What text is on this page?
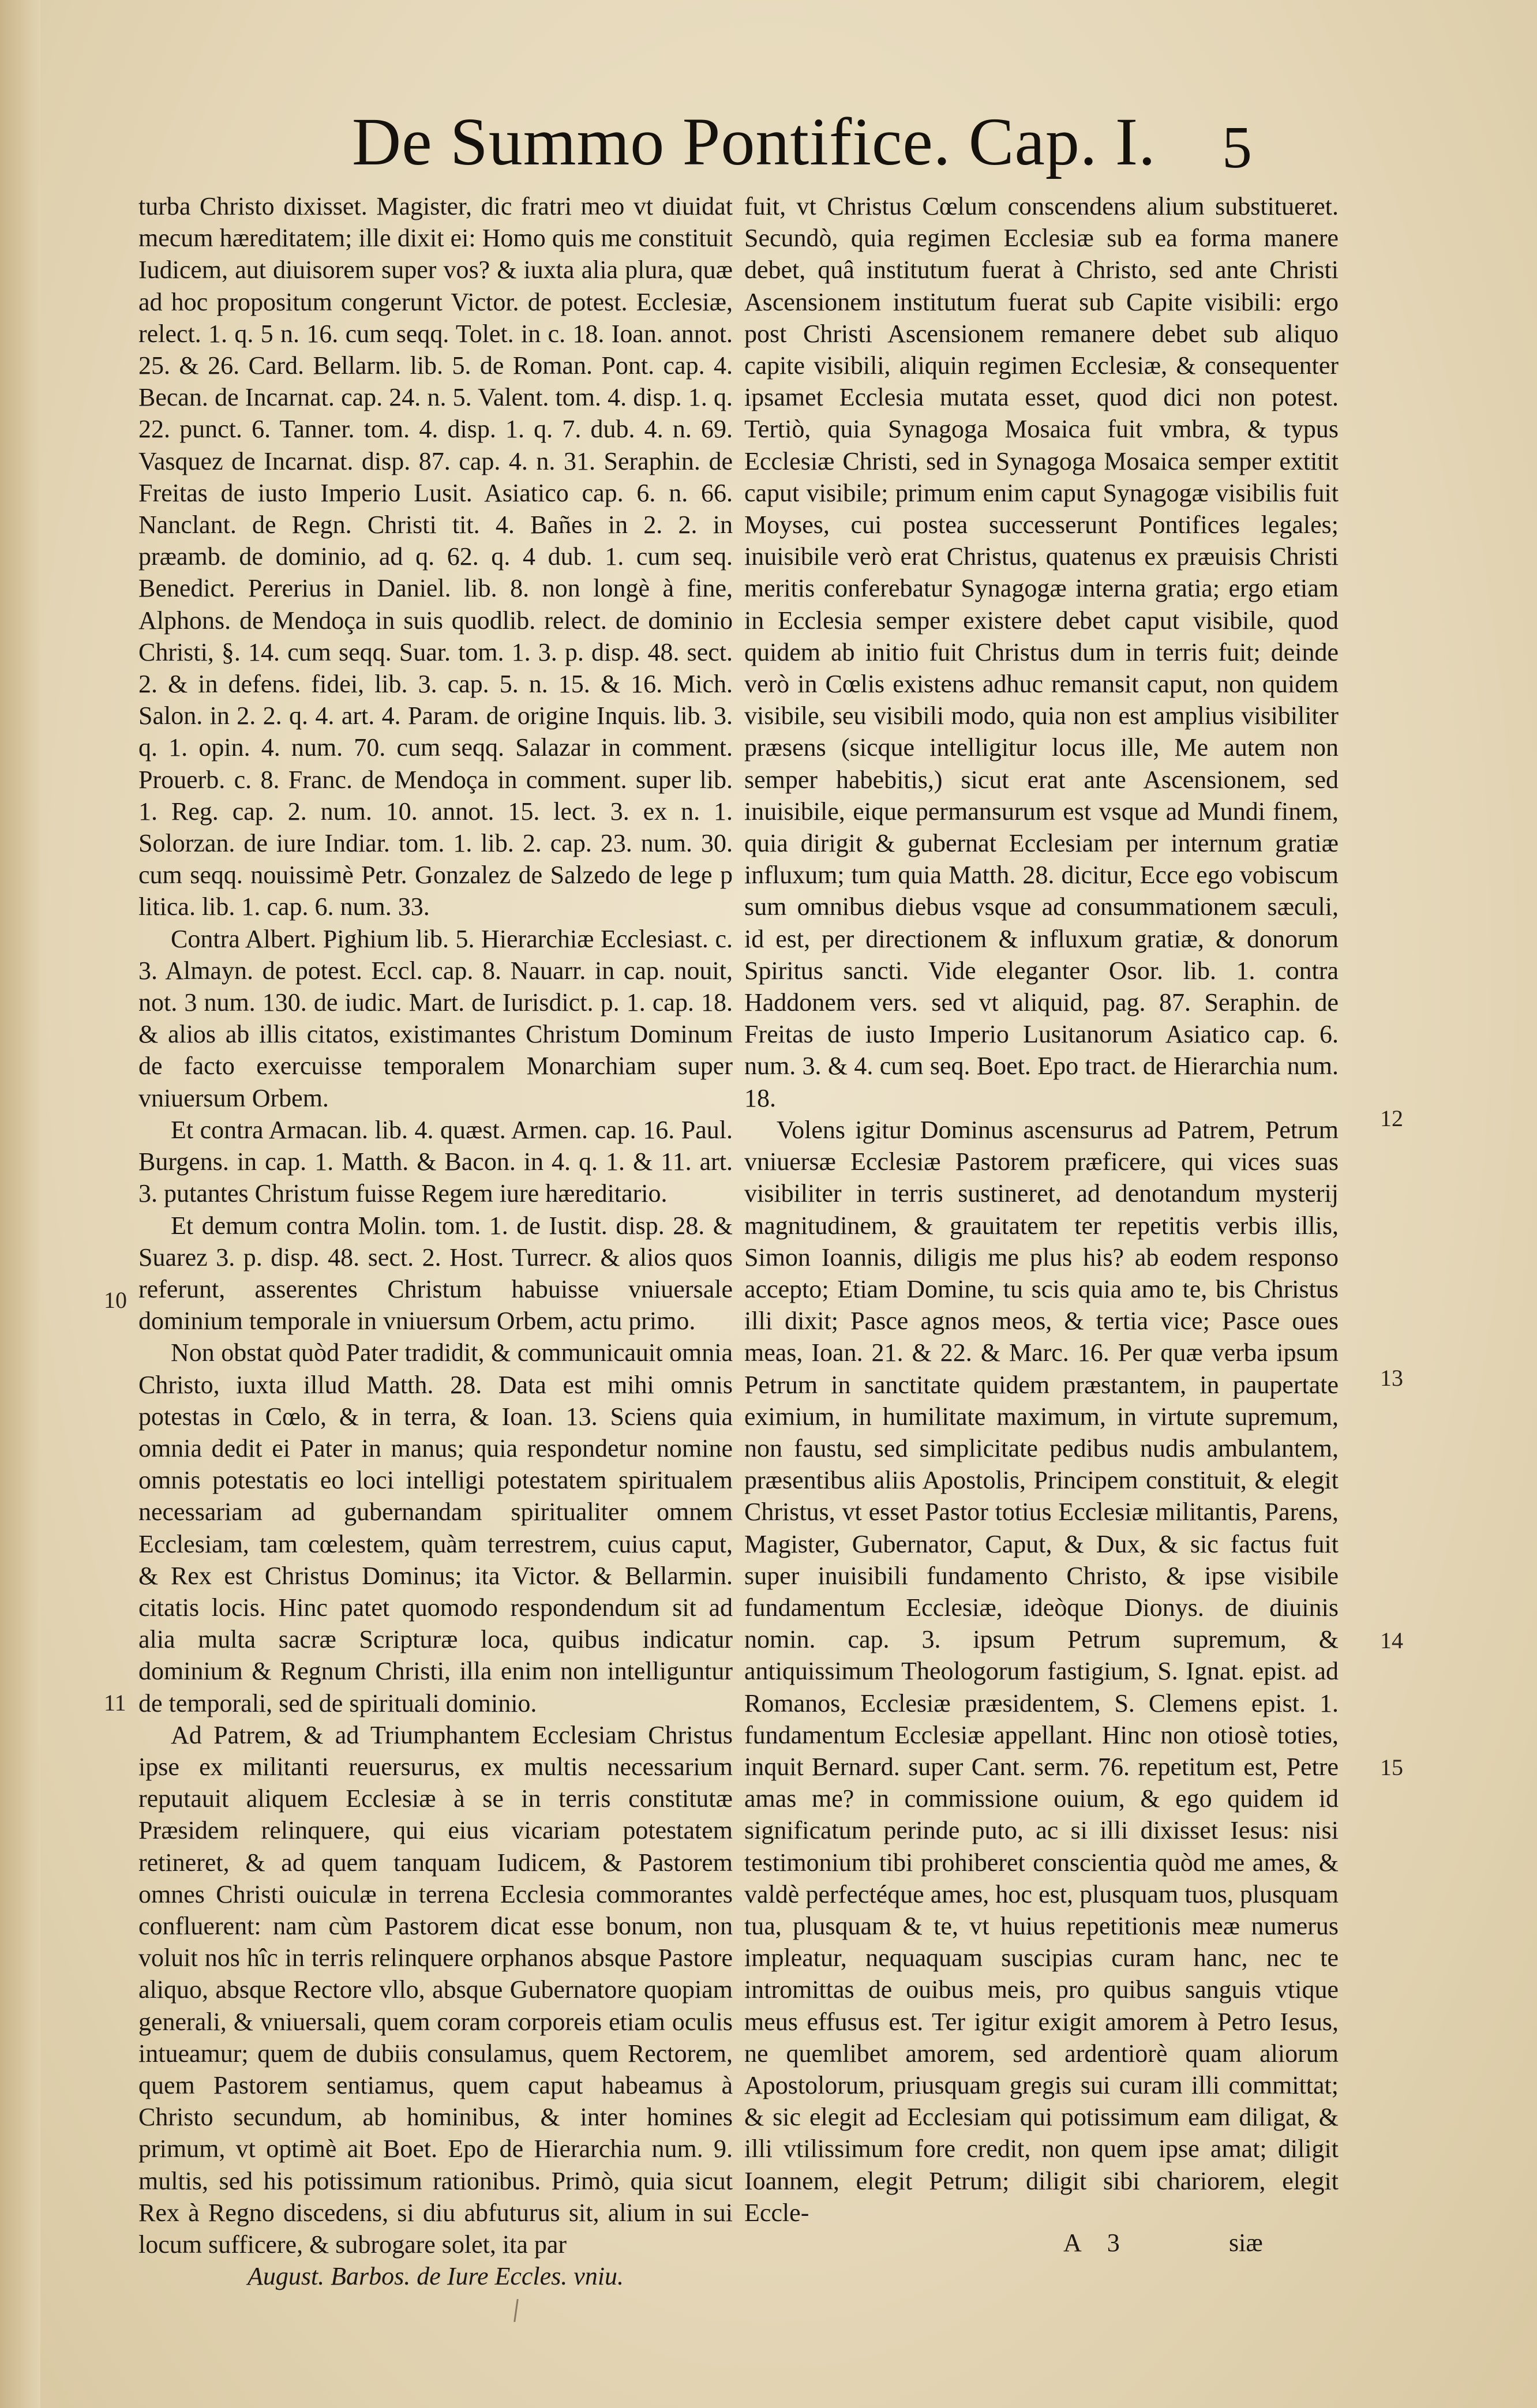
De Summo Pontifice. Cap. I. 5

turba Christo dixisset. Magister, dic fratri meo vt diuidat mecum hæreditatem; ille dixit ei: Homo quis me constituit Iudicem, aut diuisorem super vos? & iuxta alia plura, quæ ad hoc propositum congerunt Victor. de potest. Ecclesiæ, relect. 1. q. 5 n. 16. cum seqq. Tolet. in c. 18. Ioan. annot. 25. & 26. Card. Bellarm. lib. 5. de Roman. Pont. cap. 4. Becan. de Incarnat. cap. 24. n. 5. Valent. tom. 4. disp. 1. q. 22. punct. 6. Tanner. tom. 4. disp. 1. q. 7. dub. 4. n. 69. Vasquez de Incarnat. disp. 87. cap. 4. n. 31. Seraphin. de Freitas de iusto Imperio Lusit. Asiatico cap. 6. n. 66. Nanclant. de Regn. Christi tit. 4. Bañes in 2. 2. in præamb. de dominio, ad q. 62. q. 4 dub. 1. cum seq. Benedict. Pererius in Daniel. lib. 8. non longè à fine, Alphons. de Mendoça in suis quodlib. relect. de dominio Christi, §. 14. cum seqq. Suar. tom. 1. 3. p. disp. 48. sect. 2. & in defens. fidei, lib. 3. cap. 5. n. 15. & 16. Mich. Salon. in 2. 2. q. 4. art. 4. Param. de origine Inquis. lib. 3. q. 1. opin. 4. num. 70. cum seqq. Salazar in comment. Prouerb. c. 8. Franc. de Mendoça in comment. super lib. 1. Reg. cap. 2. num. 10. annot. 15. lect. 3. ex n. 1. Solorzan. de iure Indiar. tom. 1. lib. 2. cap. 23. num. 30. cum seqq. nouissimè Petr. Gonzalez de Salzedo de lege p litica. lib. 1. cap. 6. num. 33.

Contra Albert. Pighium lib. 5. Hierarchiæ Ecclesiast. c. 3. Almayn. de potest. Eccl. cap. 8. Nauarr. in cap. nouit, not. 3 num. 130. de iudic. Mart. de Iurisdict. p. 1. cap. 18. & alios ab illis citatos, existimantes Christum Dominum de facto exercuisse temporalem Monarchiam super vniuersum Orbem.

Et contra Armacan. lib. 4. quæst. Armen. cap. 16. Paul. Burgens. in cap. 1. Matth. & Bacon. in 4. q. 1. & 11. art. 3. putantes Christum fuisse Regem iure hæreditario.

Et demum contra Molin. tom. 1. de Iustit. disp. 28. & Suarez 3. p. disp. 48. sect. 2. Host. Turrecr. & alios quos referunt, asserentes Christum habuisse vniuersale dominium temporale in vniuersum Orbem, actu primo.

Non obstat quòd Pater tradidit, & communicauit omnia Christo, iuxta illud Matth. 28. Data est mihi omnis potestas in Cœlo, & in terra, & Ioan. 13. Sciens quia omnia dedit ei Pater in manus; quia respondetur nomine omnis potestatis eo loci intelligi potestatem spiritualem necessariam ad gubernandam spiritualiter omnem Ecclesiam, tam cœlestem, quàm terrestrem, cuius caput, & Rex est Christus Dominus; ita Victor. & Bellarmin. citatis locis. Hinc patet quomodo respondendum sit ad alia multa sacræ Scripturæ loca, quibus indicatur dominium & Regnum Christi, illa enim non intelliguntur de temporali, sed de spirituali dominio.

Ad Patrem, & ad Triumphantem Ecclesiam Christus ipse ex militanti reuersurus, ex multis necessarium reputauit aliquem Ecclesiæ à se in terris constitutæ Præsidem relinquere, qui eius vicariam potestatem retineret, & ad quem tanquam Iudicem, & Pastorem omnes Christi ouiculæ in terrena Ecclesia commorantes confluerent: nam cùm Pastorem dicat esse bonum, non voluit nos hîc in terris relinquere orphanos absque Pastore aliquo, absque Rectore vllo, absque Gubernatore quopiam generali, & vniuersali, quem coram corporeis etiam oculis intueamur; quem de dubiis consulamus, quem Rectorem, quem Pastorem sentiamus, quem caput habeamus à Christo secundum, ab hominibus, & inter homines primum, vt optimè ait Boet. Epo de Hierarchia num. 9. multis, sed his potissimum rationibus. Primò, quia sicut Rex à Regno discedens, si diu abfuturus sit, alium in sui locum sufficere, & subrogare solet, ita par

August. Barbos. de Iure Eccles. vniu.

fuit, vt Christus Cœlum conscendens alium substitueret. Secundò, quia regimen Ecclesiæ sub ea forma manere debet, quâ institutum fuerat à Christo, sed ante Christi Ascensionem institutum fuerat sub Capite visibili: ergo post Christi Ascensionem remanere debet sub aliquo capite visibili, aliquin regimen Ecclesiæ, & consequenter ipsamet Ecclesia mutata esset, quod dici non potest. Tertiò, quia Synagoga Mosaica fuit vmbra, & typus Ecclesiæ Christi, sed in Synagoga Mosaica semper extitit caput visibile; primum enim caput Synagogæ visibilis fuit Moyses, cui postea successerunt Pontifices legales; inuisibile verò erat Christus, quatenus ex præuisis Christi meritis conferebatur Synagogæ interna gratia; ergo etiam in Ecclesia semper existere debet caput visibile, quod quidem ab initio fuit Christus dum in terris fuit; deinde verò in Cœlis existens adhuc remansit caput, non quidem visibile, seu visibili modo, quia non est amplius visibiliter præsens (sicque intelligitur locus ille, Me autem non semper habebitis,) sicut erat ante Ascensionem, sed inuisibile, eique permansurum est vsque ad Mundi finem, quia dirigit & gubernat Ecclesiam per internum gratiæ influxum; tum quia Matth. 28. dicitur, Ecce ego vobiscum sum omnibus diebus vsque ad consummationem sæculi, id est, per directionem & influxum gratiæ, & donorum Spiritus sancti. Vide eleganter Osor. lib. 1. contra Haddonem vers. sed vt aliquid, pag. 87. Seraphin. de Freitas de iusto Imperio Lusitanorum Asiatico cap. 6. num. 3. & 4. cum seq. Boet. Epo tract. de Hierarchia num. 18.

Volens igitur Dominus ascensurus ad Patrem, Petrum vniuersæ Ecclesiæ Pastorem præficere, qui vices suas visibiliter in terris sustineret, ad denotandum mysterij magnitudinem, & grauitatem ter repetitis verbis illis, Simon Ioannis, diligis me plus his? ab eodem responso accepto; Etiam Domine, tu scis quia amo te, bis Christus illi dixit; Pasce agnos meos, & tertia vice; Pasce oues meas, Ioan. 21. & 22. & Marc. 16. Per quæ verba ipsum Petrum in sanctitate quidem præstantem, in paupertate eximium, in humilitate maximum, in virtute supremum, non faustu, sed simplicitate pedibus nudis ambulantem, præsentibus aliis Apostolis, Principem constituit, & elegit Christus, vt esset Pastor totius Ecclesiæ militantis, Parens, Magister, Gubernator, Caput, & Dux, & sic factus fuit super inuisibili fundamento Christo, & ipse visibile fundamentum Ecclesiæ, ideòque Dionys. de diuinis nomin. cap. 3. ipsum Petrum supremum, & antiquissimum Theologorum fastigium, S. Ignat. epist. ad Romanos, Ecclesiæ præsidentem, S. Clemens epist. 1. fundamentum Ecclesiæ appellant. Hinc non otiosè toties, inquit Bernard. super Cant. serm. 76. repetitum est, Petre amas me? in commissione ouium, & ego quidem id significatum perinde puto, ac si illi dixisset Iesus: nisi testimonium tibi prohiberet conscientia quòd me ames, & valdè perfectéque ames, hoc est, plusquam tuos, plusquam tua, plusquam & te, vt huius repetitionis meæ numerus impleatur, nequaquam suscipias curam hanc, nec te intromittas de ouibus meis, pro quibus sanguis vtique meus effusus est. Ter igitur exigit amorem à Petro Iesus, ne quemlibet amorem, sed ardentiorè quam aliorum Apostolorum, priusquam gregis sui curam illi committat; & sic elegit ad Ecclesiam qui potissimum eam diligat, & illi vtilissimum fore credit, non quem ipse amat; diligit Ioannem, elegit Petrum; diligit sibi chariorem, elegit Eccle-

10
11
12
13
14
15
A 3	siæ
